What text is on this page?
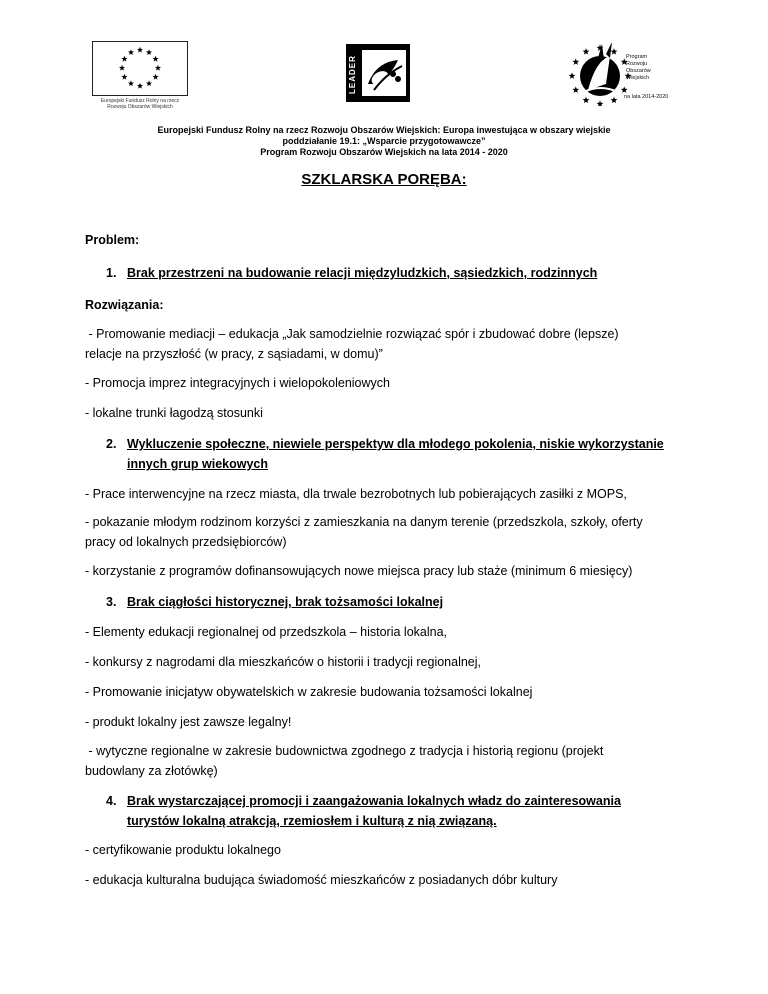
Europejski Fundusz Rolny na rzecz
Rozwoju Obszarów Wiejskich
LEADER	Program
Rozwoju
Obszarów
Wiejskich
na lata 2014-2020
Europejski Fundusz Rolny na rzecz Rozwoju Obszarów Wiejskich: Europa inwestująca w obszary wiejskie
poddziałanie 19.1: „Wsparcie przygotowawcze”
Program Rozwoju Obszarów Wiejskich na lata 2014 - 2020
SZKLARSKA PORĘBA:
Problem:
1. Brak przestrzeni na budowanie relacji międzyludzkich, sąsiedzkich, rodzinnych
Rozwiązania:
- Promowanie mediacji – edukacja „Jak samodzielnie rozwiązać spór i zbudować dobre (lepsze)
relacje na przyszłość (w pracy, z sąsiadami, w domu)”
- Promocja imprez integracyjnych i wielopokoleniowych
- lokalne trunki łagodzą stosunki
2. Wykluczenie społeczne, niewiele perspektyw dla młodego pokolenia, niskie wykorzystanie
innych grup wiekowych
- Prace interwencyjne na rzecz miasta, dla trwale bezrobotnych lub pobierających zasiłki z MOPS,
- pokazanie młodym rodzinom korzyści z zamieszkania na danym terenie (przedszkola, szkoły, oferty
pracy od lokalnych przedsiębiorców)
- korzystanie z programów dofinansowujących nowe miejsca pracy lub staże (minimum 6 miesięcy)
3. Brak ciągłości historycznej, brak tożsamości lokalnej
- Elementy edukacji regionalnej od przedszkola – historia lokalna,
- konkursy z nagrodami dla mieszkańców o historii i tradycji regionalnej,
- Promowanie inicjatyw obywatelskich w zakresie budowania tożsamości lokalnej
- produkt lokalny jest zawsze legalny!
- wytyczne regionalne w zakresie budownictwa zgodnego z tradycja i historią regionu (projekt
budowlany za złotówkę)
4. Brak wystarczającej promocji i zaangażowania lokalnych władz do zainteresowania
turystów lokalną atrakcją, rzemiosłem i kulturą z nią związaną.
- certyfikowanie produktu lokalnego
- edukacja kulturalna budująca świadomość mieszkańców z posiadanych dóbr kultury
